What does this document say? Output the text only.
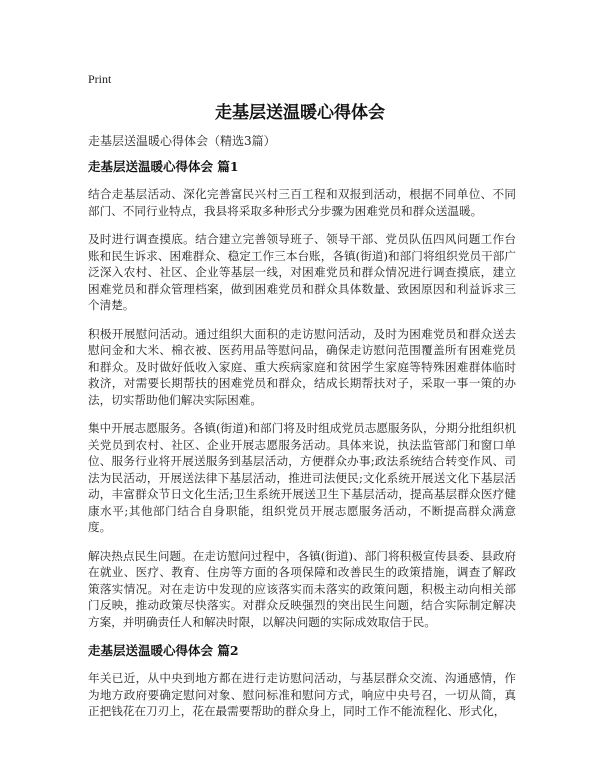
Print
走基层送温暖心得体会

走基层送温暖心得体会（精选3篇）

走基层送温暖心得体会 篇1

结合走基层活动、深化完善富民兴村三百工程和双报到活动，根据不同单位、不同部门、不同行业特点，我县将采取多种形式分步骤为困难党员和群众送温暖。

及时进行调查摸底。结合建立完善领导班子、领导干部、党员队伍四风问题工作台账和民生诉求、困难群众、稳定工作三本台账，各镇(街道)和部门将组织党员干部广泛深入农村、社区、企业等基层一线，对困难党员和群众情况进行调查摸底，建立困难党员和群众管理档案，做到困难党员和群众具体数量、致困原因和利益诉求三个清楚。

积极开展慰问活动。通过组织大面积的走访慰问活动，及时为困难党员和群众送去慰问金和大米、棉衣被、医药用品等慰问品，确保走访慰问范围覆盖所有困难党员和群众。及时做好低收入家庭、重大疾病家庭和贫困学生家庭等特殊困难群体临时救济，对需要长期帮扶的困难党员和群众，结成长期帮扶对子，采取一事一策的办法，切实帮助他们解决实际困难。

集中开展志愿服务。各镇(街道)和部门将及时组成党员志愿服务队，分期分批组织机关党员到农村、社区、企业开展志愿服务活动。具体来说，执法监管部门和窗口单位、服务行业将开展送服务到基层活动，方便群众办事;政法系统结合转变作风、司法为民活动，开展送法律下基层活动，推进司法便民;文化系统开展送文化下基层活动，丰富群众节日文化生活;卫生系统开展送卫生下基层活动，提高基层群众医疗健康水平;其他部门结合自身职能，组织党员开展志愿服务活动，不断提高群众满意度。

解决热点民生问题。在走访慰问过程中，各镇(街道)、部门将积极宣传县委、县政府在就业、医疗、教育、住房等方面的各项保障和改善民生的政策措施，调查了解政策落实情况。对在走访中发现的应该落实而未落实的政策问题，积极主动向相关部门反映，推动政策尽快落实。对群众反映强烈的突出民生问题，结合实际制定解决方案，并明确责任人和解决时限，以解决问题的实际成效取信于民。

走基层送温暖心得体会 篇2

年关已近，从中央到地方都在进行走访慰问活动，与基层群众交流、沟通感情，作为地方政府要确定慰问对象、慰问标准和慰问方式，响应中央号召，一切从简，真正把钱花在刀刃上，花在最需要帮助的群众身上，同时工作不能流程化、形式化，
